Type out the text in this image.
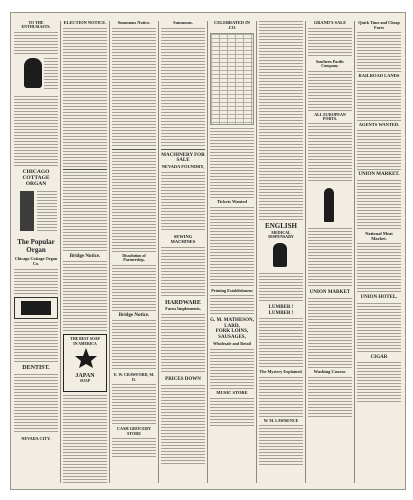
TO THE ENTHUSIASTS.
CHICAGO COTTAGE ORGAN
The Popular Organ
Chicago Cottage Organ Co.
DENTIST.
NEVADA CITY.
ELECTION NOTICE.
Bridge Notice.
THE BEST SOAP
IN AMERICA
JAPAN
SOAP
Summons Notice.
Dissolution of Partnership.
Bridge Notice.
E. W. CRAWFORD, M. D.
CASH GROCERY STORE
Summons.
MACHINERY FOR SALE
NEVADA FOUNDRY,
SEWING MACHINES
HARDWARE
Farm Implements.
PRICES DOWN
CELEBRATED IN .CO.
Tickets Wanted
Printing Establishment
G. M. MATHESON,
LARD,
FORK LOINS,
SAUSAGES,
Wholesale and Retail
MUSIC STORE
ENGLISH
MEDICAL DISPENSARY
LUMBER ! LUMBER !
The Mystery Explained.
W. M. LAWRENCE
GRAND'S SALE
Southern Pacific Company.
ALL EUROPEAN PORTS.
UNION MARKET
Washing Course.
Quick Time and Cheap Fares
RAILROAD LANDS
AGENTS WANTED.
UNION MARKET.
National Meat Market.
UNION HOTEL.
CIGAR
